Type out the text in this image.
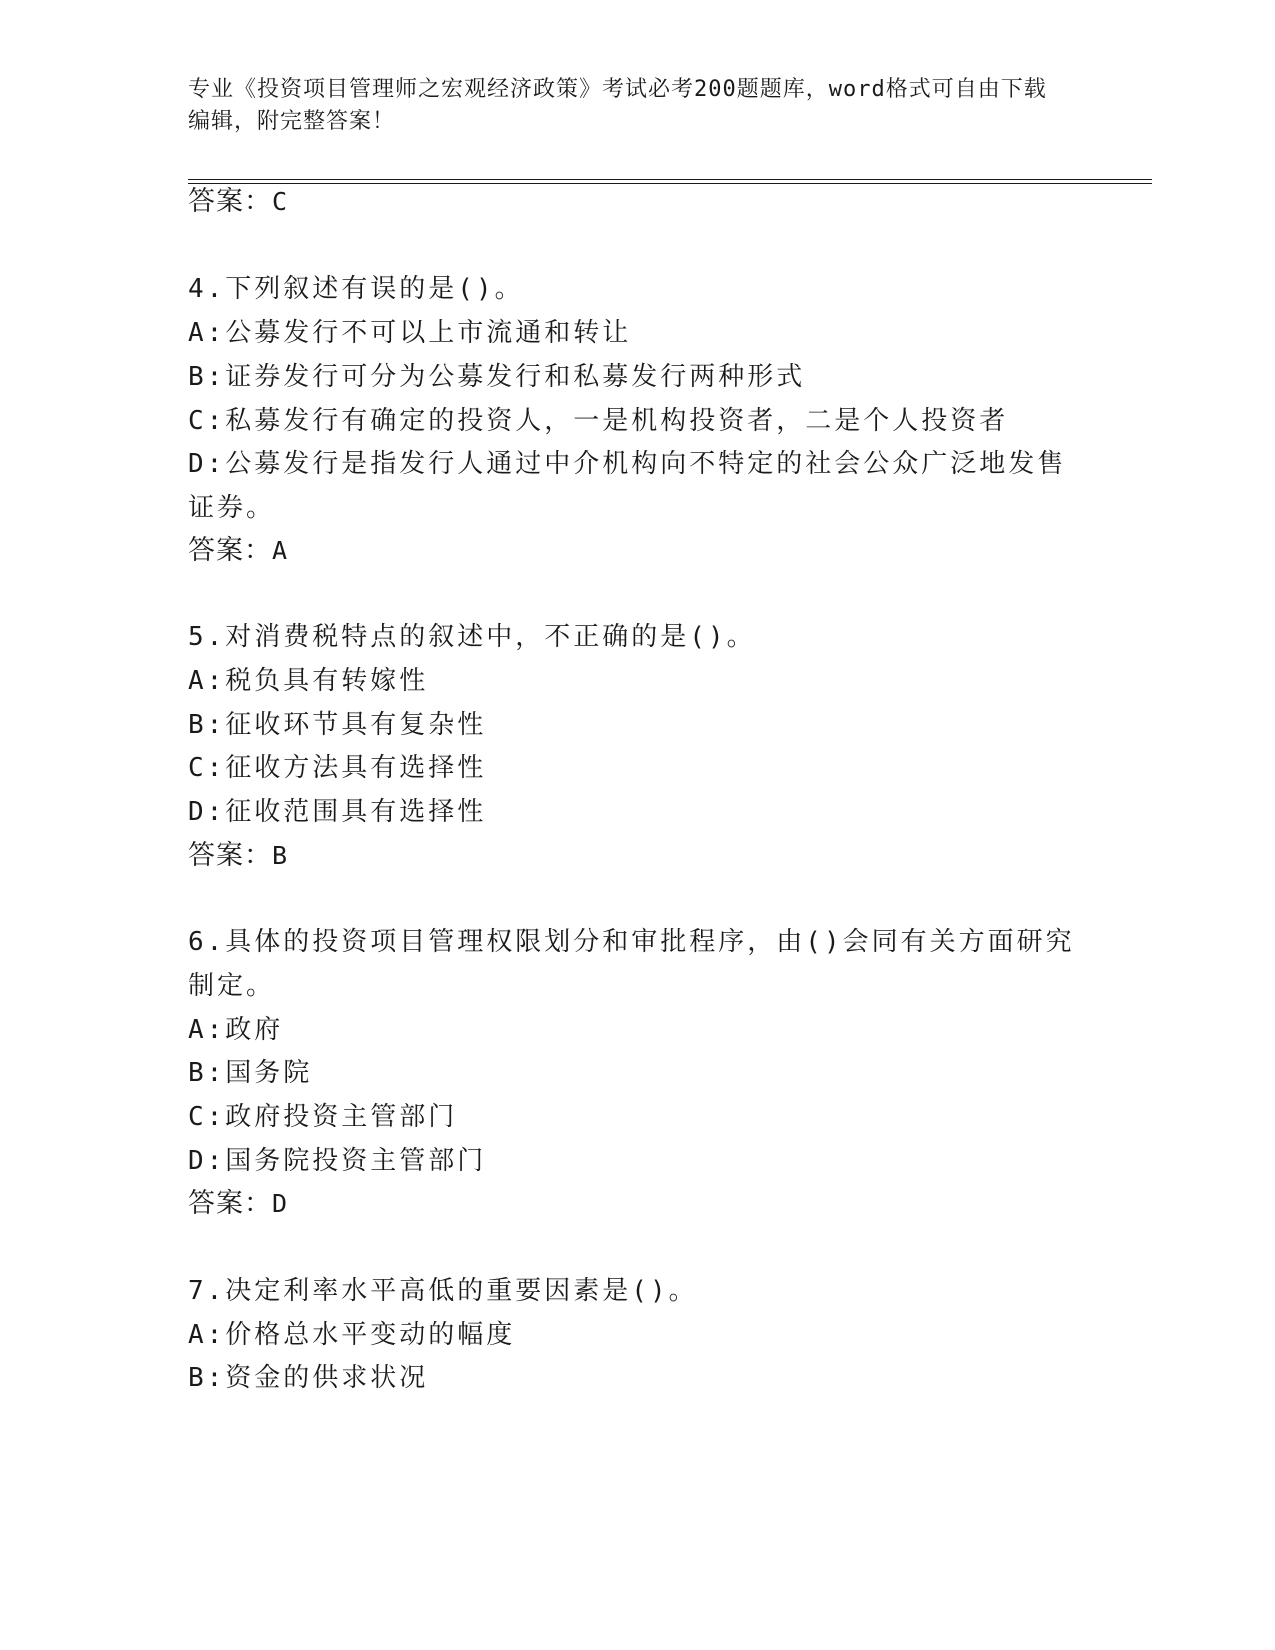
专业《投资项目管理师之宏观经济政策》考试必考200题题库，word格式可自由下载编辑，附完整答案！
答案：C
4.下列叙述有误的是()。
A:公募发行不可以上市流通和转让
B:证券发行可分为公募发行和私募发行两种形式
C:私募发行有确定的投资人，一是机构投资者，二是个人投资者
D:公募发行是指发行人通过中介机构向不特定的社会公众广泛地发售
证券。
答案：A
5.对消费税特点的叙述中，不正确的是()。
A:税负具有转嫁性
B:征收环节具有复杂性
C:征收方法具有选择性
D:征收范围具有选择性
答案：B
6.具体的投资项目管理权限划分和审批程序，由()会同有关方面研究
制定。
A:政府
B:国务院
C:政府投资主管部门
D:国务院投资主管部门
答案：D
7.决定利率水平高低的重要因素是()。
A:价格总水平变动的幅度
B:资金的供求状况
